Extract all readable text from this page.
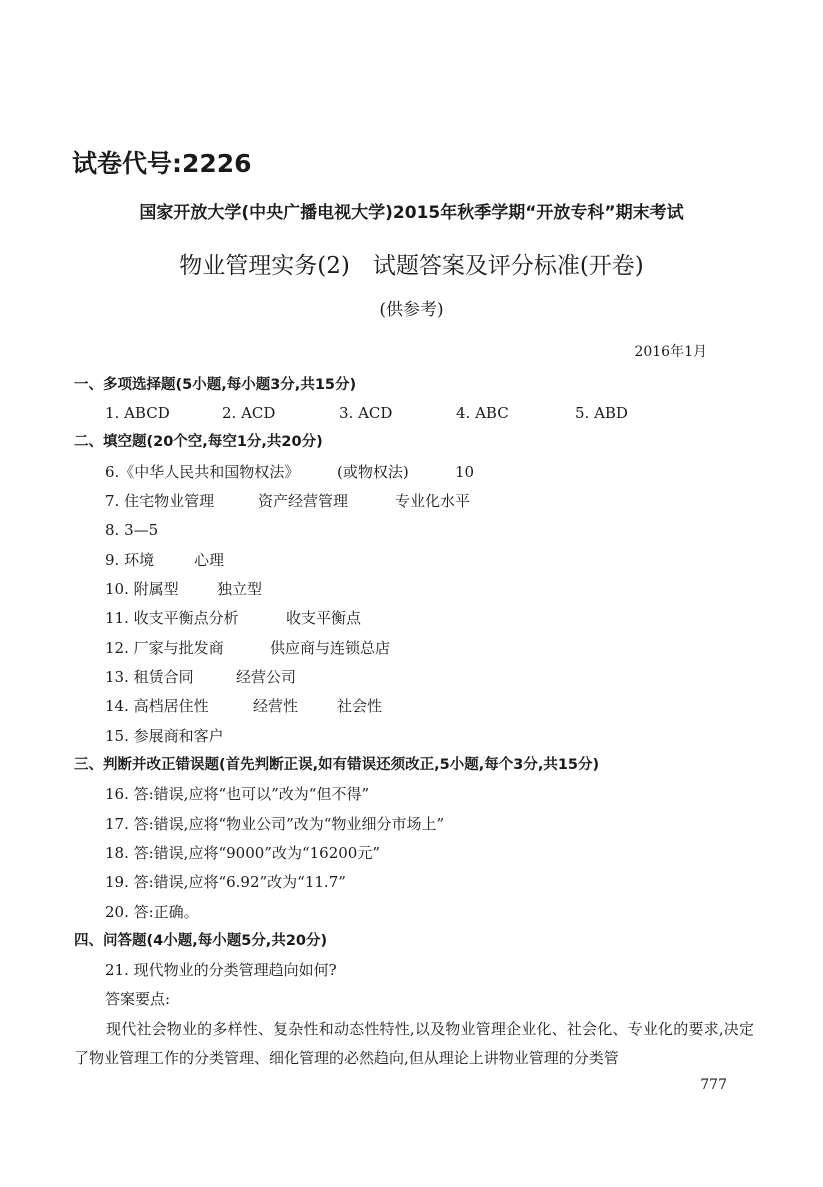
试卷代号:2226
国家开放大学(中央广播电视大学)2015年秋季学期“开放专科”期末考试
物业管理实务(2)　试题答案及评分标准(开卷)
(供参考)
2016年1月
一、多项选择题(5小题,每小题3分,共15分)
1. ABCD	2. ACD	3. ACD	4. ABC	5. ABD
二、填空题(20个空,每空1分,共20分)
6.《中华人民共和国物权法》	(或物权法)	10
7. 住宅物业管理	资产经营管理	专业化水平
8. 3—5
9. 环境	心理
10. 附属型	独立型
11. 收支平衡点分析	收支平衡点
12. 厂家与批发商	供应商与连锁总店
13. 租赁合同	经营公司
14. 高档居住性	经营性	社会性
15. 参展商和客户
三、判断并改正错误题(首先判断正误,如有错误还须改正,5小题,每个3分,共15分)
16. 答:错误,应将“也可以”改为“但不得”
17. 答:错误,应将“物业公司”改为“物业细分市场上”
18. 答:错误,应将“9000”改为“16200元”
19. 答:错误,应将“6.92”改为“11.7”
20. 答:正确。
四、问答题(4小题,每小题5分,共20分)
21. 现代物业的分类管理趋向如何?
答案要点:
现代社会物业的多样性、复杂性和动态性特性,以及物业管理企业化、社会化、专业化的要求,决定了物业管理工作的分类管理、细化管理的必然趋向,但从理论上讲物业管理的分类管
777
